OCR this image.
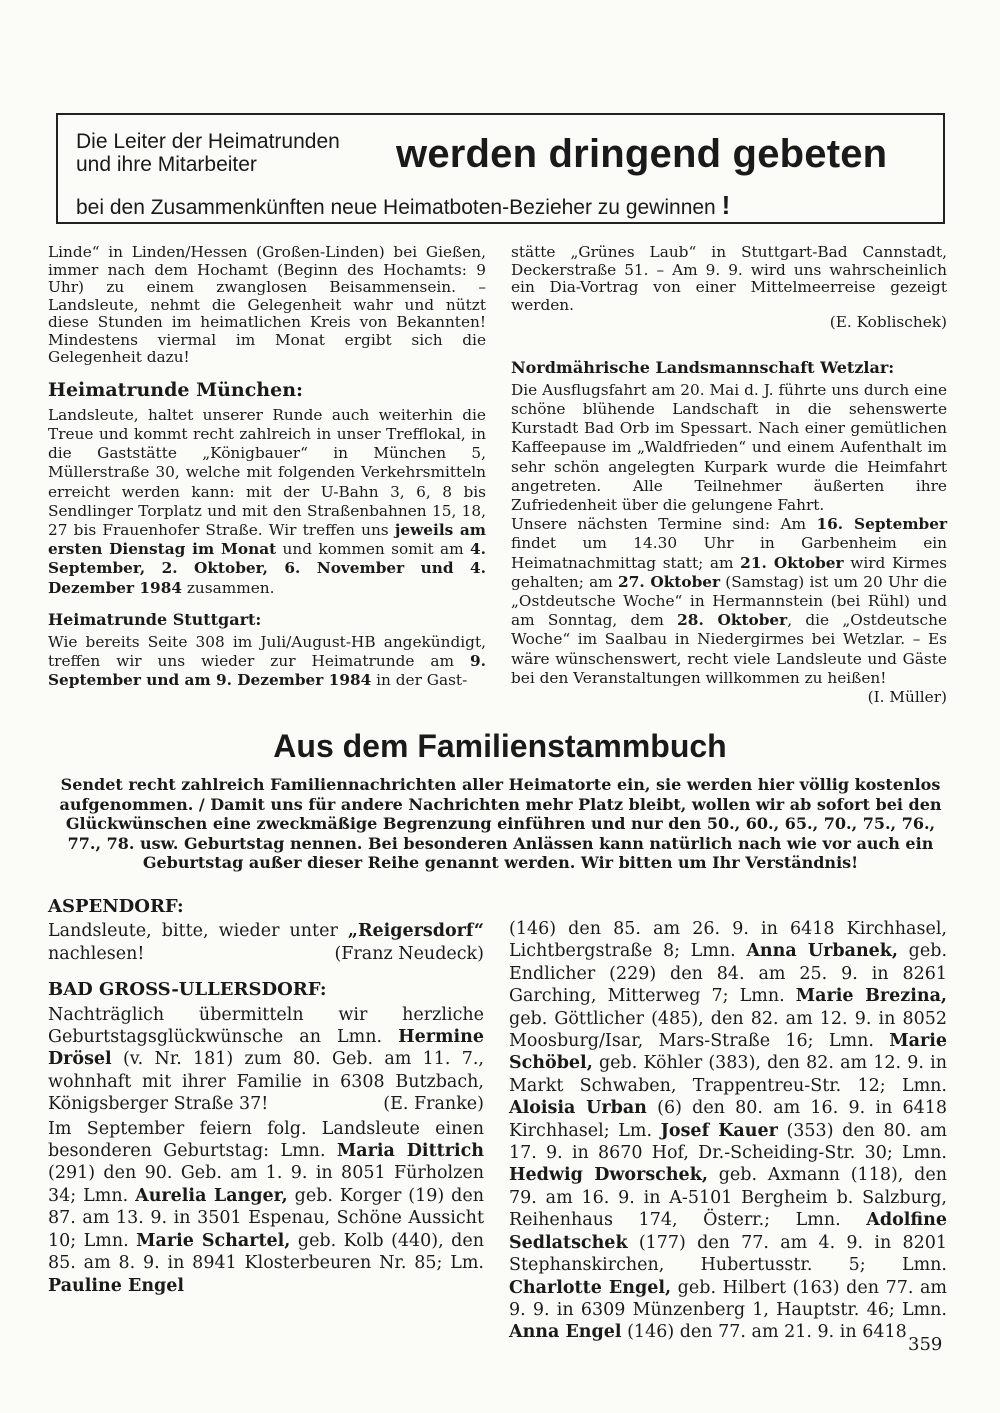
Die Leiter der Heimatrunden
und ihre Mitarbeiter	werden dringend gebeten
bei den Zusammenkünften neue Heimatboten-Bezieher zu gewinnen !

Linde“ in Linden/Hessen (Großen-Linden) bei Gießen, immer nach dem Hochamt (Beginn des Hochamts: 9 Uhr) zu einem zwanglosen Beisammensein. – Landsleute, nehmt die Gelegenheit wahr und nützt diese Stunden im heimatlichen Kreis von Bekannten! Mindestens viermal im Monat ergibt sich die Gelegenheit dazu!

Heimatrunde München:

Landsleute, haltet unserer Runde auch weiterhin die Treue und kommt recht zahlreich in unser Trefflokal, in die Gaststätte „Königbauer“ in München 5, Müllerstraße 30, welche mit folgenden Verkehrsmitteln erreicht werden kann: mit der U-Bahn 3, 6, 8 bis Sendlinger Torplatz und mit den Straßenbahnen 15, 18, 27 bis Frauenhofer Straße. Wir treffen uns jeweils am ersten Dienstag im Monat und kommen somit am 4. September, 2. Oktober, 6. November und 4. Dezember 1984 zusammen.

Heimatrunde Stuttgart:

Wie bereits Seite 308 im Juli/August-HB angekündigt, treffen wir uns wieder zur Heimatrunde am 9. September und am 9. Dezember 1984 in der Gast-

stätte „Grünes Laub“ in Stuttgart-Bad Cannstadt, Deckerstraße 51. – Am 9. 9. wird uns wahrscheinlich ein Dia-Vortrag von einer Mittelmeerreise gezeigt werden.

(E. Koblischek)

Nordmährische Landsmannschaft Wetzlar:

Die Ausflugsfahrt am 20. Mai d. J. führte uns durch eine schöne blühende Landschaft in die sehenswerte Kurstadt Bad Orb im Spessart. Nach einer gemütlichen Kaffeepause im „Waldfrieden“ und einem Aufenthalt im sehr schön angelegten Kurpark wurde die Heimfahrt angetreten. Alle Teilnehmer äußerten ihre Zufriedenheit über die gelungene Fahrt.

Unsere nächsten Termine sind: Am 16. September findet um 14.30 Uhr in Garbenheim ein Heimatnachmittag statt; am 21. Oktober wird Kirmes gehalten; am 27. Oktober (Samstag) ist um 20 Uhr die „Ostdeutsche Woche“ in Hermannstein (bei Rühl) und am Sonntag, dem 28. Oktober, die „Ostdeutsche Woche“ im Saalbau in Niedergirmes bei Wetzlar. – Es wäre wünschenswert, recht viele Landsleute und Gäste bei den Veranstaltungen willkommen zu heißen!

(I. Müller)

Aus dem Familienstammbuch
Sendet recht zahlreich Familiennachrichten aller Heimatorte ein, sie werden hier völlig kostenlos aufgenommen. / Damit uns für andere Nachrichten mehr Platz bleibt, wollen wir ab sofort bei den Glückwünschen eine zweckmäßige Begrenzung einführen und nur den 50., 60., 65., 70., 75., 76., 77., 78. usw. Geburtstag nennen. Bei besonderen Anlässen kann natürlich nach wie vor auch ein Geburtstag außer dieser Reihe genannt werden. Wir bitten um Ihr Verständnis!

ASPENDORF:

Landsleute, bitte, wieder unter „Reigersdorf“ nachlesen!	(Franz Neudeck)

BAD GROSS-ULLERSDORF:

Nachträglich übermitteln wir herzliche Geburtstagsglückwünsche an Lmn. Hermine Drösel (v. Nr. 181) zum 80. Geb. am 11. 7., wohnhaft mit ihrer Familie in 6308 Butzbach, Königsberger Straße 37!	(E. Franke)

Im September feiern folg. Landsleute einen besonderen Geburtstag: Lmn. Maria Dittrich (291) den 90. Geb. am 1. 9. in 8051 Fürholzen 34; Lmn. Aurelia Langer, geb. Korger (19) den 87. am 13. 9. in 3501 Espenau, Schöne Aussicht 10; Lmn. Marie Schartel, geb. Kolb (440), den 85. am 8. 9. in 8941 Klosterbeuren Nr. 85; Lm. Pauline Engel

(146) den 85. am 26. 9. in 6418 Kirchhasel, Lichtbergstraße 8; Lmn. Anna Urbanek, geb. Endlicher (229) den 84. am 25. 9. in 8261 Garching, Mitterweg 7; Lmn. Marie Brezina, geb. Göttlicher (485), den 82. am 12. 9. in 8052 Moosburg/Isar, Mars-Straße 16; Lmn. Marie Schöbel, geb. Köhler (383), den 82. am 12. 9. in Markt Schwaben, Trappentreu-Str. 12; Lmn. Aloisia Urban (6) den 80. am 16. 9. in 6418 Kirchhasel; Lm. Josef Kauer (353) den 80. am 17. 9. in 8670 Hof, Dr.-Scheiding-Str. 30; Lmn. Hedwig Dworschek, geb. Axmann (118), den 79. am 16. 9. in A-5101 Bergheim b. Salzburg, Reihenhaus 174, Österr.; Lmn. Adolfine Sedlatschek (177) den 77. am 4. 9. in 8201 Stephanskirchen, Hubertusstr. 5; Lmn. Charlotte Engel, geb. Hilbert (163) den 77. am 9. 9. in 6309 Münzenberg 1, Hauptstr. 46; Lmn. Anna Engel (146) den 77. am 21. 9. in 6418

359
